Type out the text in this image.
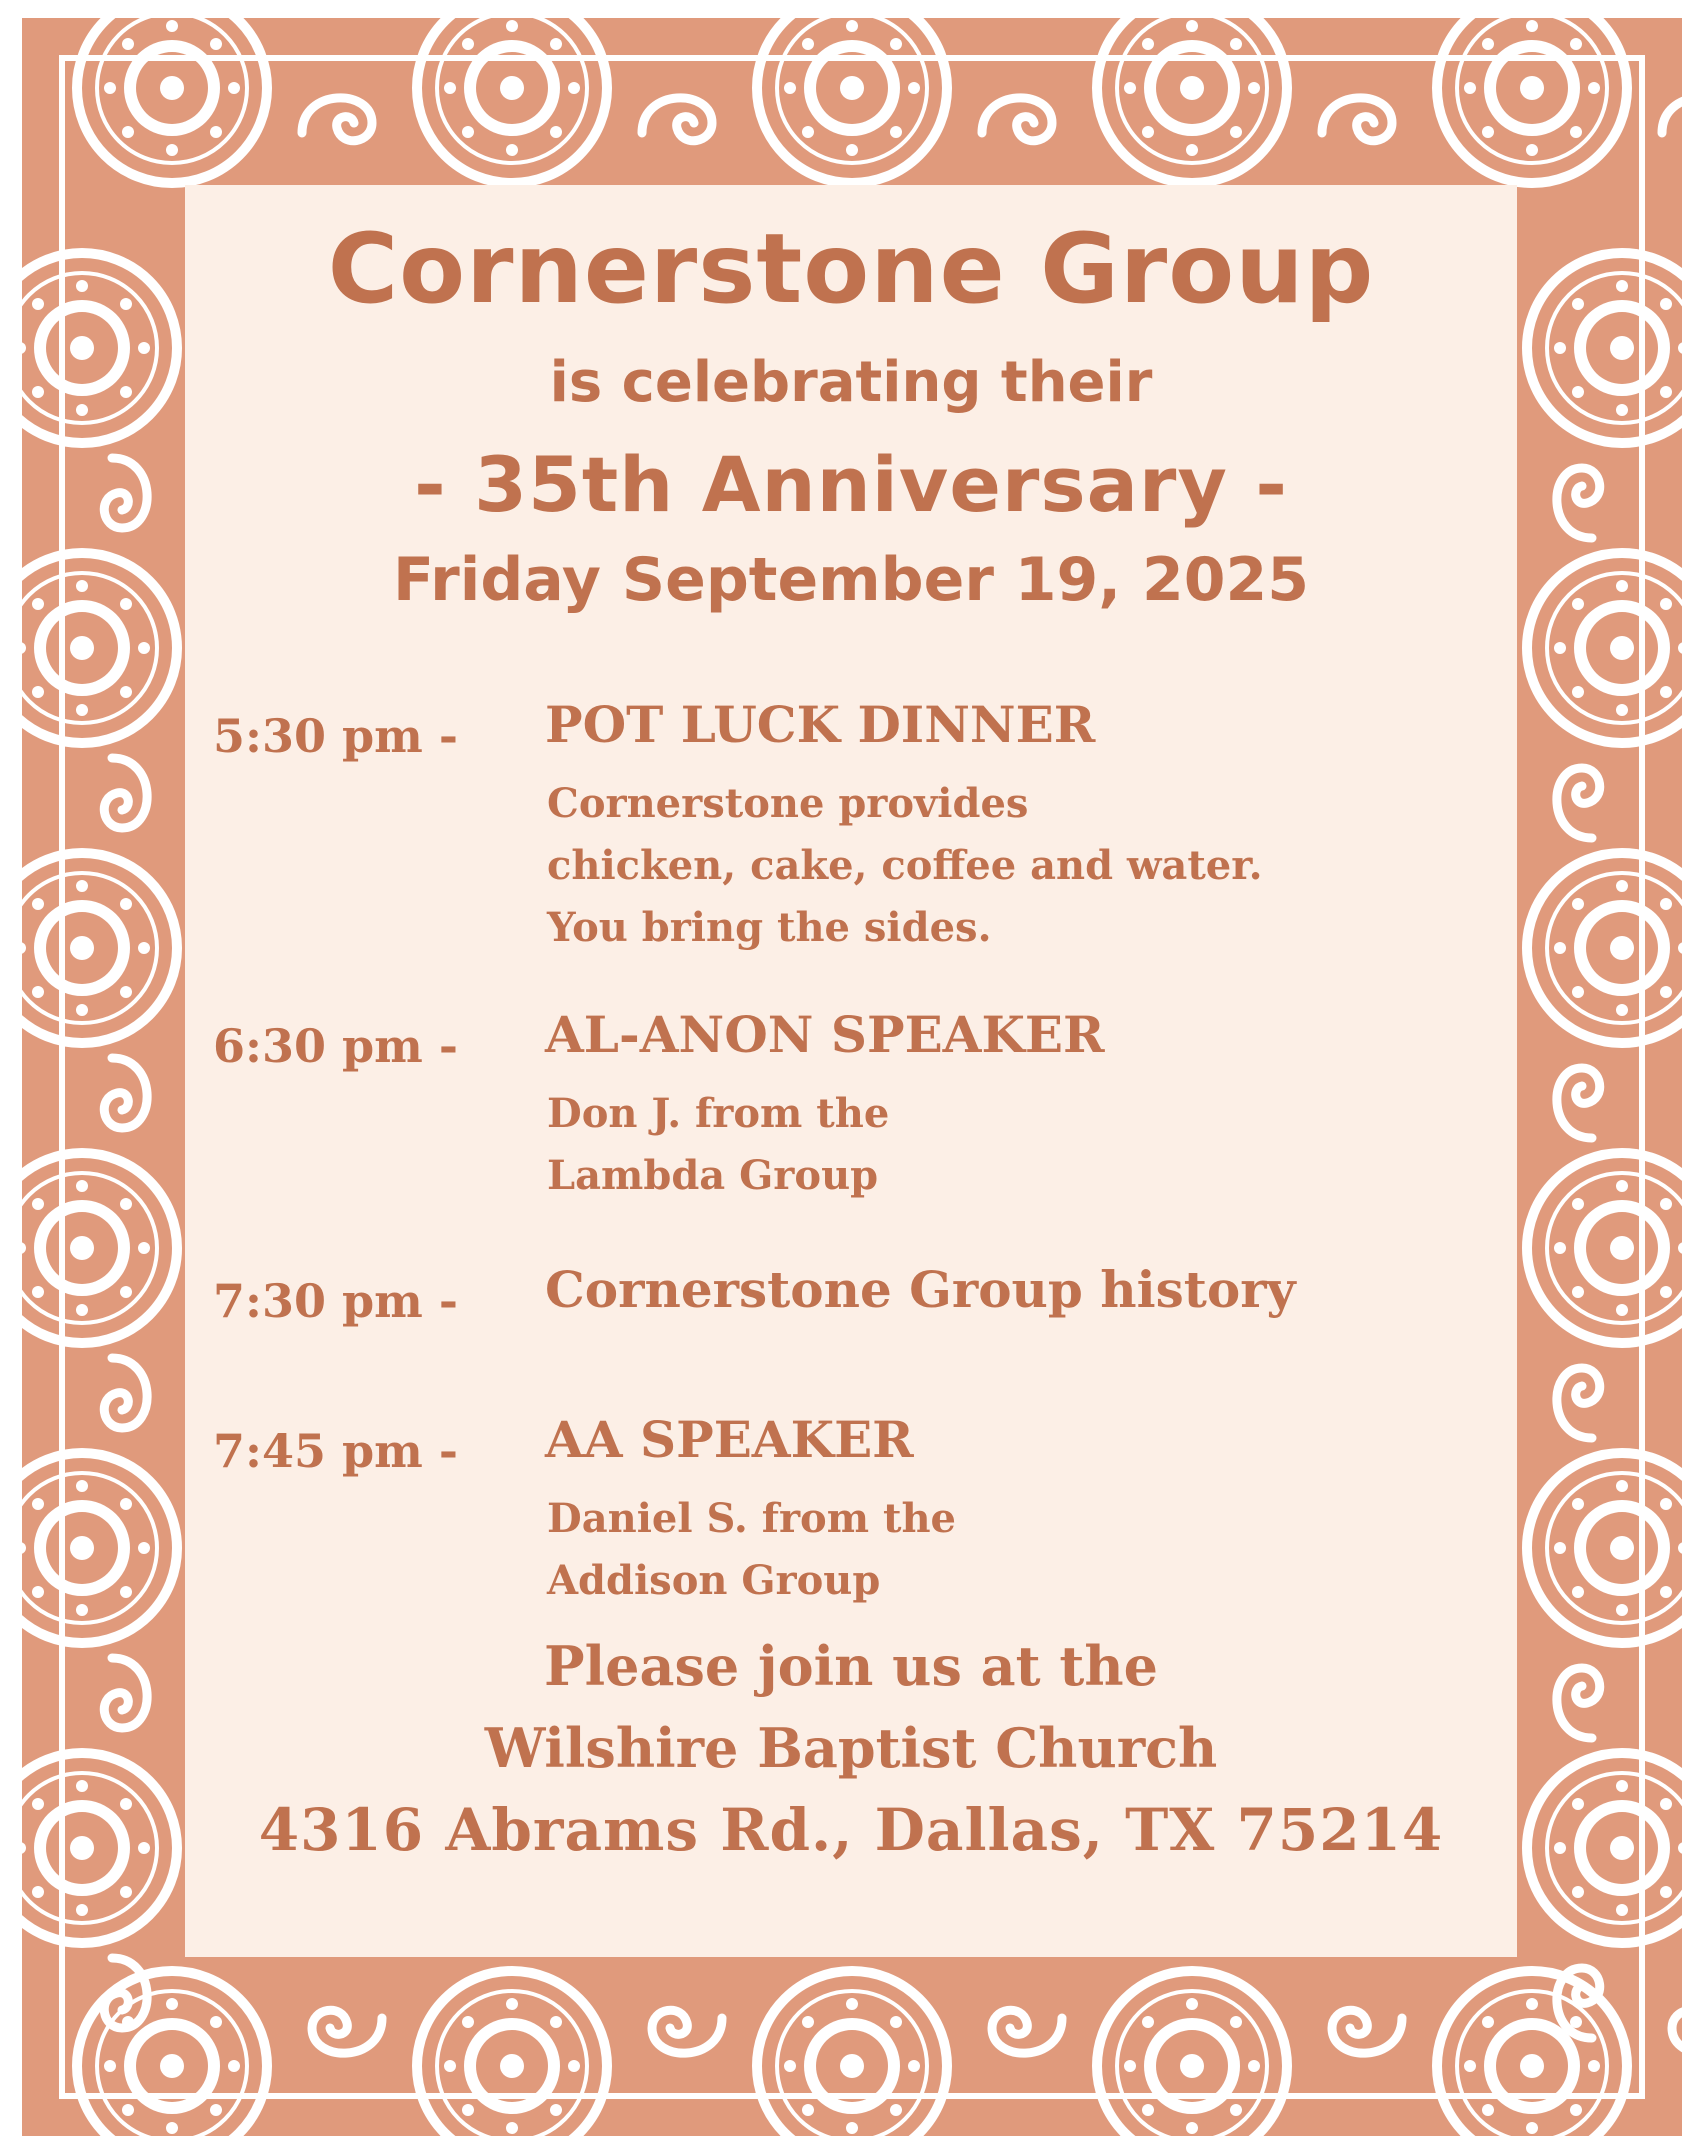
Cornerstone Group
is celebrating their
- 35th Anniversary -
Friday September 19, 2025
5:30 pm - POT LUCK DINNER
Cornerstone provides
chicken, cake, coffee and water.
You bring the sides.
6:30 pm - AL-ANON SPEAKER
Don J. from the
Lambda Group
7:30 pm - Cornerstone Group history
7:45 pm - AA SPEAKER
Daniel S. from the
Addison Group
Please join us at the
Wilshire Baptist Church
4316 Abrams Rd., Dallas, TX 75214
